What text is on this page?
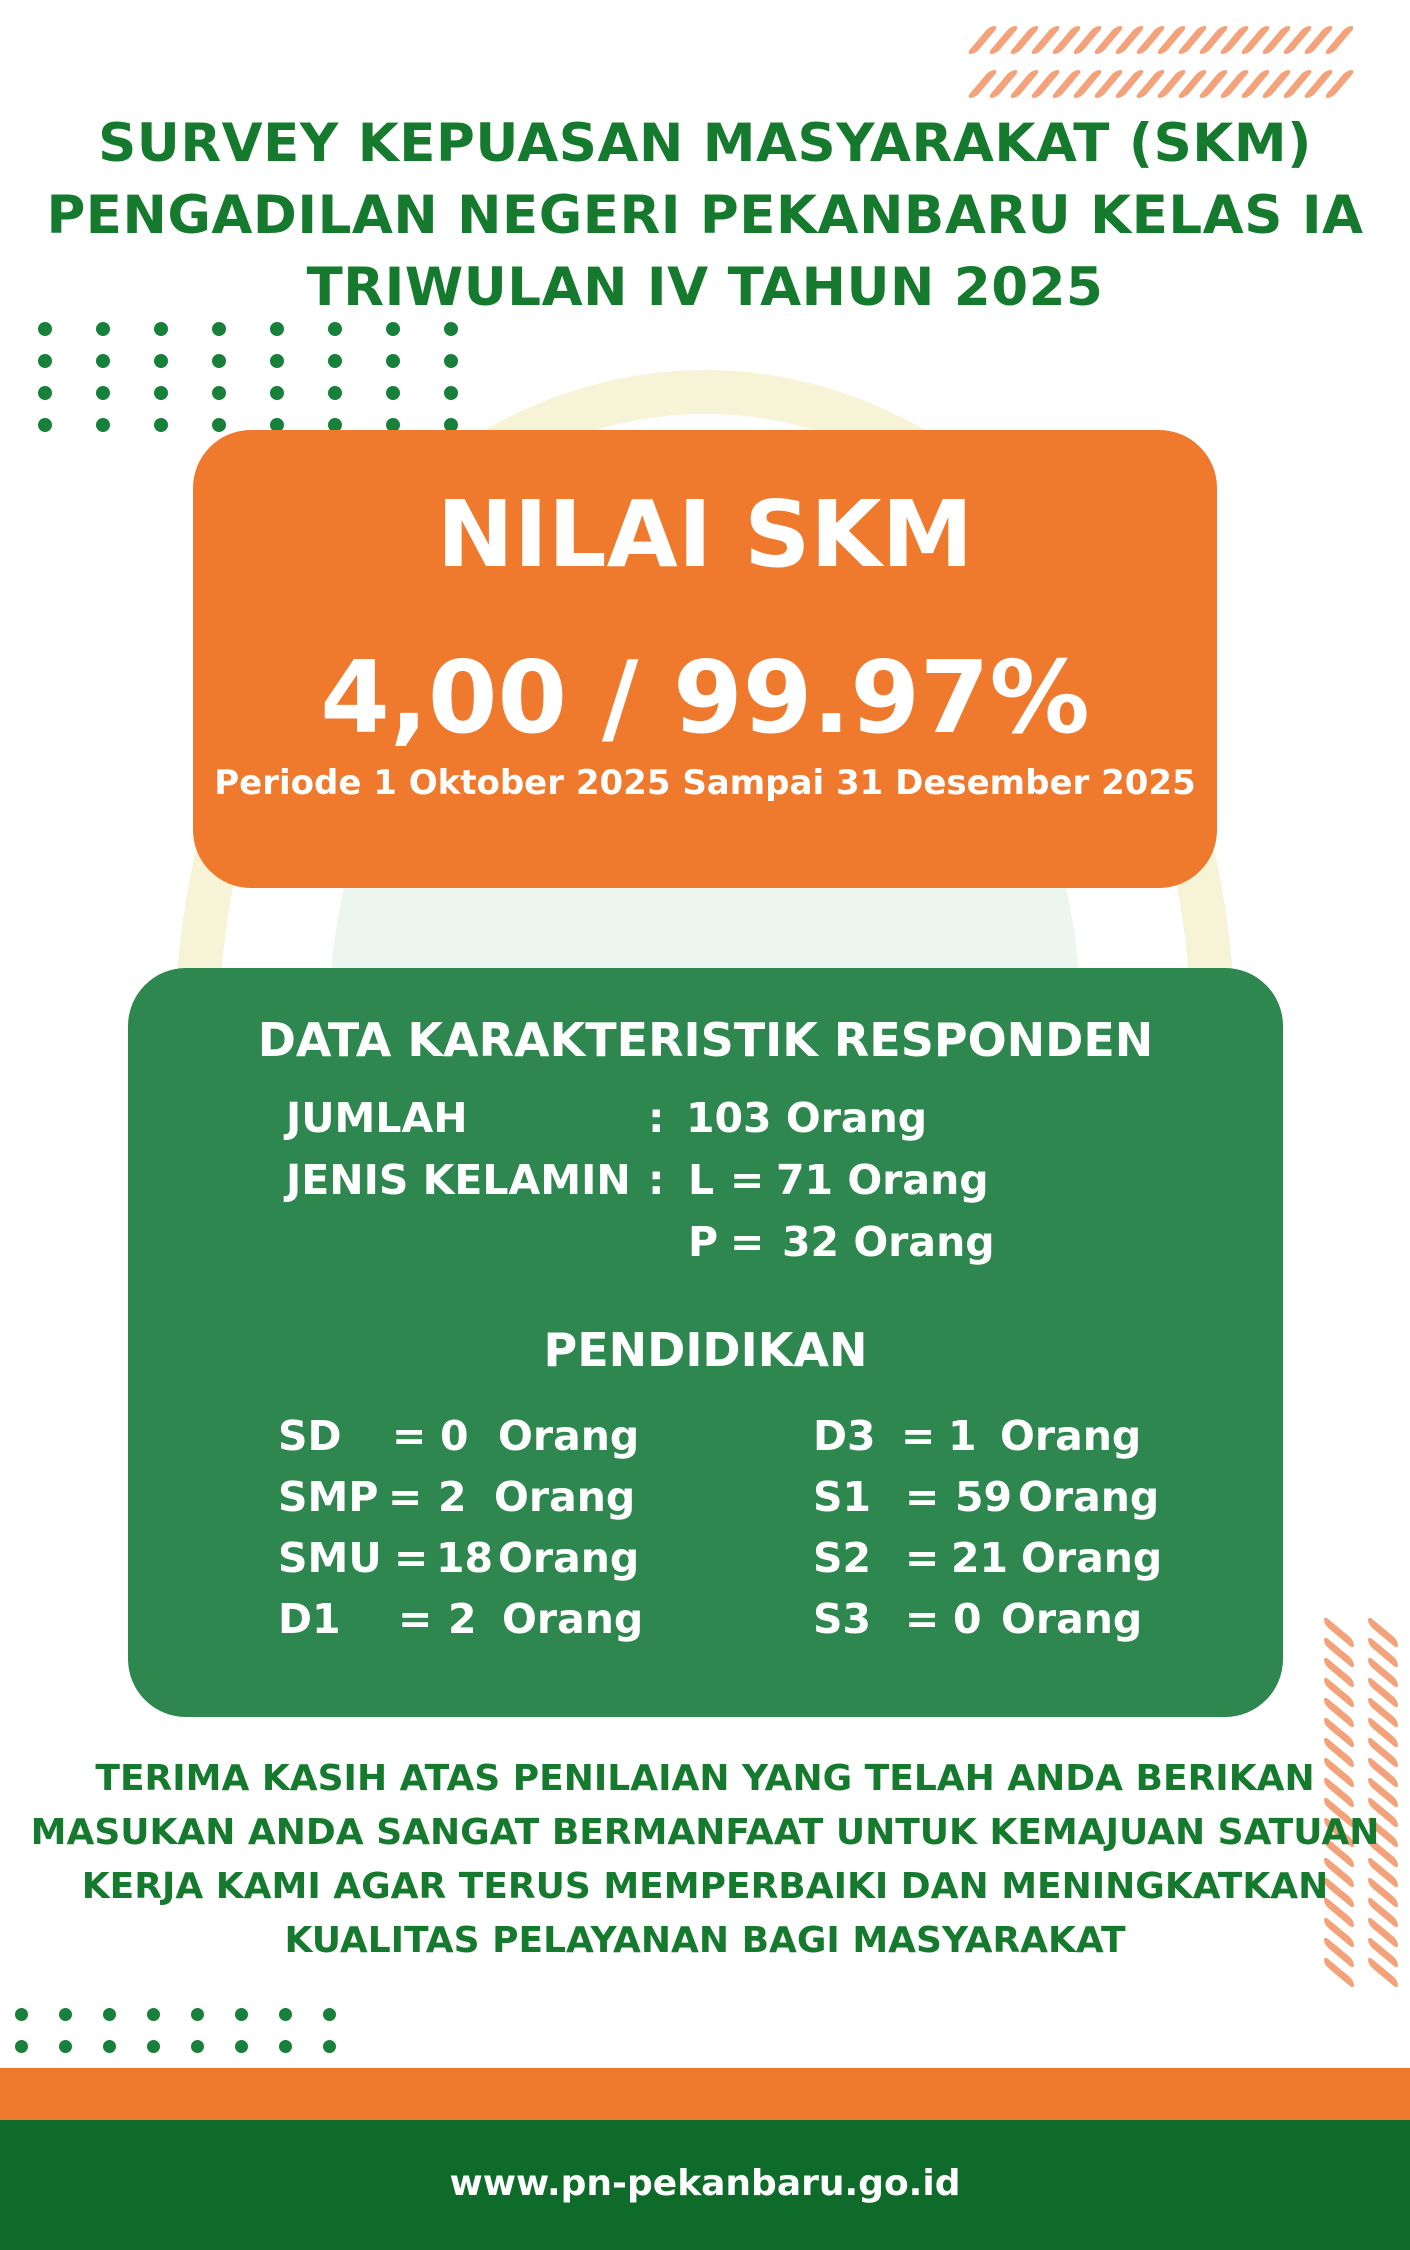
SURVEY KEPUASAN MASYARAKAT (SKM)
PENGADILAN NEGERI PEKANBARU KELAS IA
TRIWULAN IV TAHUN 2025
NILAI SKM
4,00 / 99.97%
Periode 1 Oktober 2025 Sampai 31 Desember 2025
DATA KARAKTERISTIK RESPONDEN
JUMLAH	: 103 Orang
JENIS KELAMIN : L = 71 Orang
P = 32 Orang
PENDIDIKAN
SD = 0 Orang
SMP = 2 Orang
SMU = 18 Orang
D1 = 2 Orang
D3 = 1 Orang
S1 = 59 Orang
S2 = 21 Orang
S3 = 0 Orang
TERIMA KASIH ATAS PENILAIAN YANG TELAH ANDA BERIKAN
MASUKAN ANDA SANGAT BERMANFAAT UNTUK KEMAJUAN SATUAN
KERJA KAMI AGAR TERUS MEMPERBAIKI DAN MENINGKATKAN
KUALITAS PELAYANAN BAGI MASYARAKAT
www.pn-pekanbaru.go.id
